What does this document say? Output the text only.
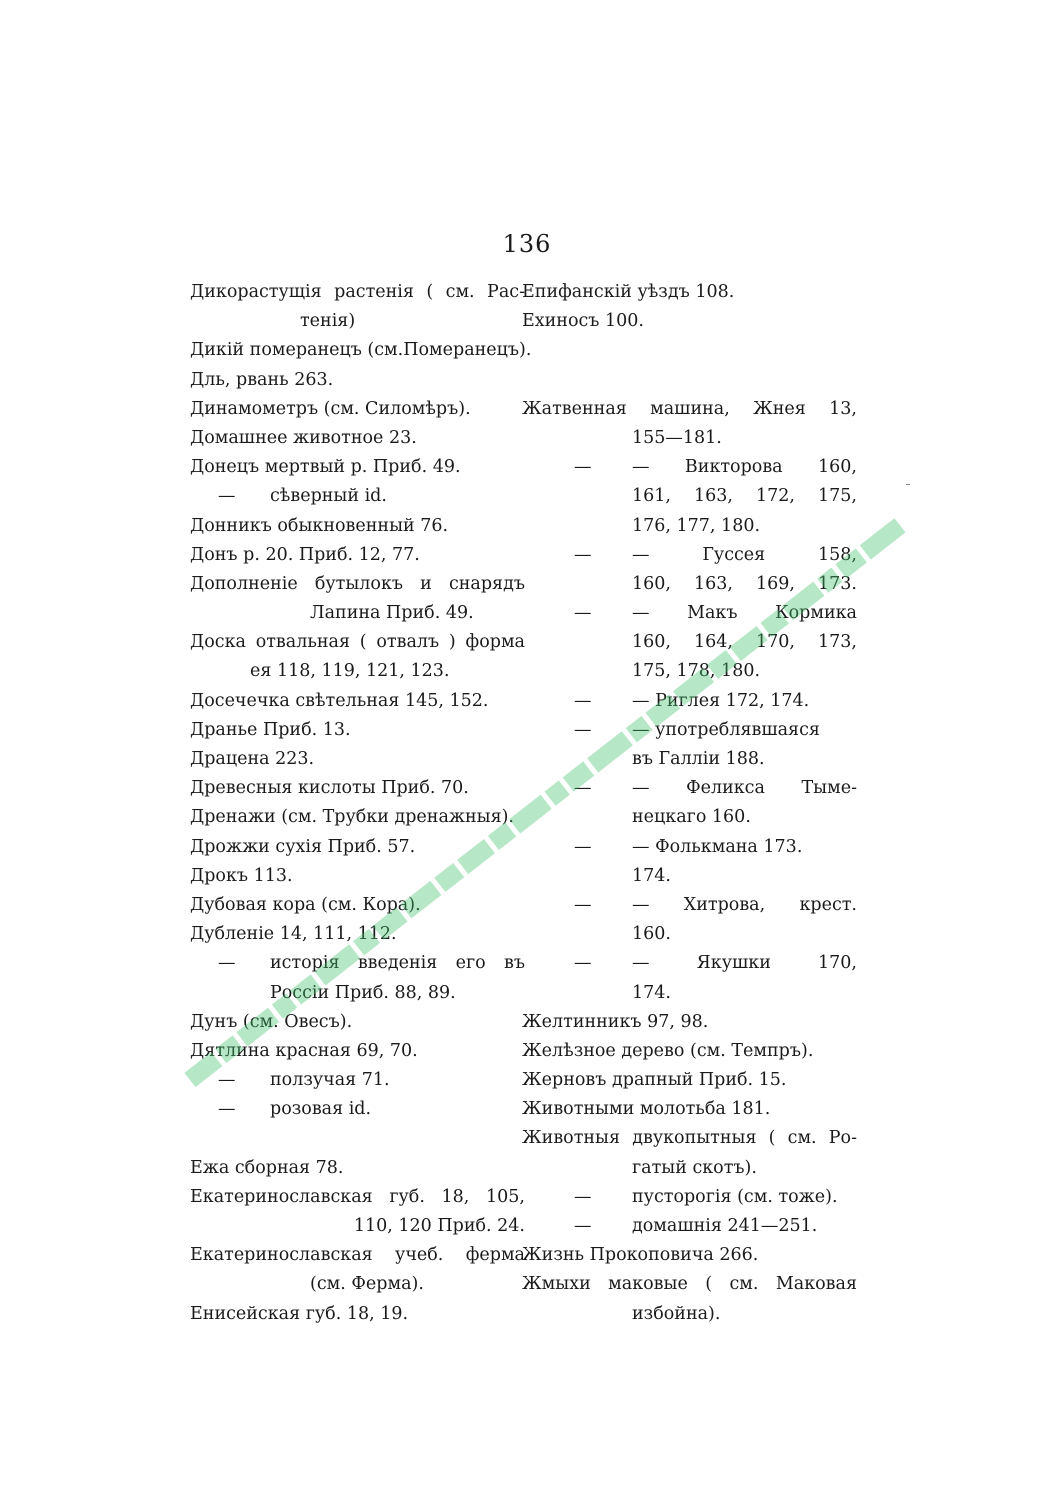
136
Дикорастущія растенія ( см. Рас-
тенія)
Дикій померанецъ (см.Померанецъ).
Дль, рвань 263.
Динамометръ (см. Силомѣръ).
Домашнее животное 23.
Донецъ мертвый р. Приб. 49.
—	сѣверный id.
Донникъ обыкновенный 76.
Донъ р. 20. Приб. 12, 77.
Дополненіе бутылокъ и снарядъ
Лапина Приб. 49.
Доска отвальная ( отвалъ ) форма
ея 118, 119, 121, 123.
Досечечка свѣтельная 145, 152.
Дранье Приб. 13.
Драцена 223.
Древесныя кислоты Приб. 70.
Дренажи (см. Трубки дренажныя).
Дрожжи сухія Приб. 57.
Дрокъ 113.
Дубовая кора (см. Кора).
Дубленіе 14, 111, 112.
—	исторія введенія его въ
Россіи Приб. 88, 89.
Дунъ (см. Овесъ).
Дятлина красная 69, 70.
—	ползучая 71.
—	розовая id.
Ежа сборная 78.
Екатеринославская губ. 18, 105,
110, 120 Приб. 24.
Екатеринославская учеб. ферма
(см. Ферма).
Енисейская губ. 18, 19.
Епифанскій уѣздъ 108.
Ехиносъ 100.
Жатвенная машина, Жнея 13,
155—181.
—	— Викторова 160,
161, 163, 172, 175,
176, 177, 180.
—	— Гуссея 158,
160, 163, 169, 173.
—	— Макъ Кормика
160, 164, 170, 173,
175, 178, 180.
—	— Риглея 172, 174.
—	— употреблявшаяся
въ Галліи 188.
—	— Феликса Тыме-
нецкаго 160.
—	— Фолькмана 173.
174.
—	— Хитрова, крест.
160.
—	— Якушки 170,
174.
Желтинникъ 97, 98.
Желѣзное дерево (см. Темпръ).
Жерновъ драпный Приб. 15.
Животными молотьба 181.
Животныя двукопытныя ( см. Ро-
гатый скотъ).
—	пусторогія (см. тоже).
—	домашнія 241—251.
Жизнь Прокоповича 266.
Жмыхи маковые ( см. Маковая
избойна).
